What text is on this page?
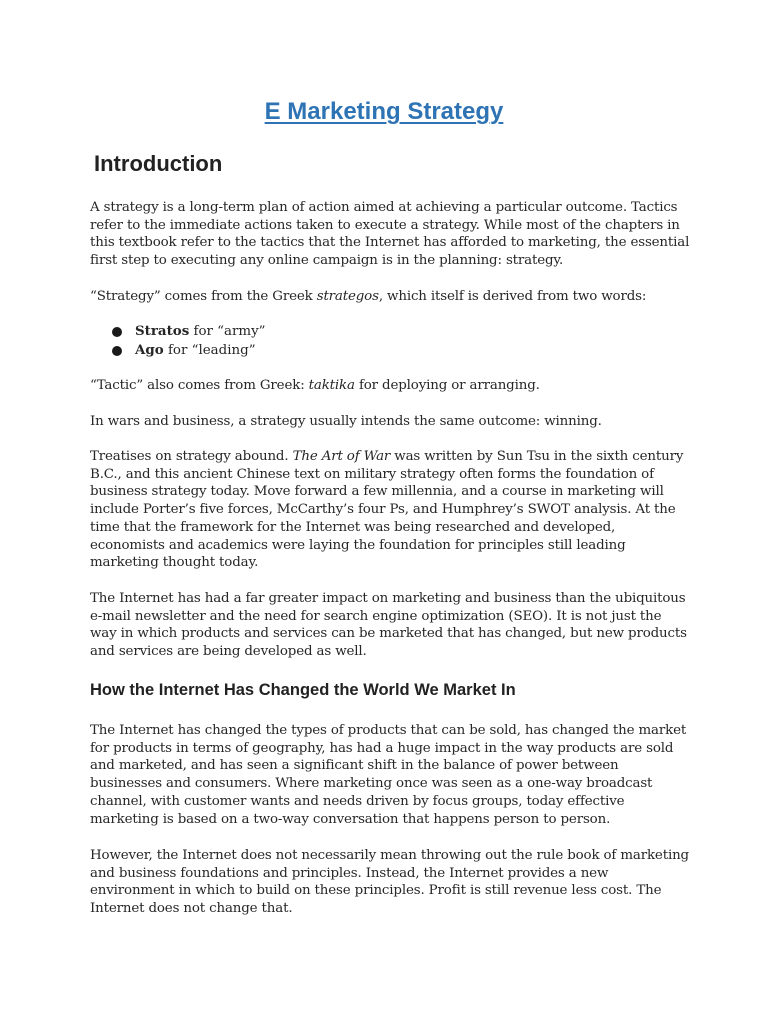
E Marketing Strategy
Introduction

A strategy is a long-term plan of action aimed at achieving a particular outcome. Tactics refer to the immediate actions taken to execute a strategy. While most of the chapters in this textbook refer to the tactics that the Internet has afforded to marketing, the essential first step to executing any online campaign is in the planning: strategy.

“Strategy” comes from the Greek strategos, which itself is derived from two words:

Stratos for “army”
Ago for “leading”

“Tactic” also comes from Greek: taktika for deploying or arranging.

In wars and business, a strategy usually intends the same outcome: winning.

Treatises on strategy abound. The Art of War was written by Sun Tsu in the sixth century B.C., and this ancient Chinese text on military strategy often forms the foundation of business strategy today. Move forward a few millennia, and a course in marketing will include Porter’s five forces, McCarthy’s four Ps, and Humphrey’s SWOT analysis. At the time that the framework for the Internet was being researched and developed, economists and academics were laying the foundation for principles still leading marketing thought today.

The Internet has had a far greater impact on marketing and business than the ubiquitous e-mail newsletter and the need for search engine optimization (SEO). It is not just the way in which products and services can be marketed that has changed, but new products and services are being developed as well.

How the Internet Has Changed the World We Market In

The Internet has changed the types of products that can be sold, has changed the market for products in terms of geography, has had a huge impact in the way products are sold and marketed, and has seen a significant shift in the balance of power between businesses and consumers. Where marketing once was seen as a one-way broadcast channel, with customer wants and needs driven by focus groups, today effective marketing is based on a two-way conversation that happens person to person.

However, the Internet does not necessarily mean throwing out the rule book of marketing and business foundations and principles. Instead, the Internet provides a new environment in which to build on these principles. Profit is still revenue less cost. The Internet does not change that.
